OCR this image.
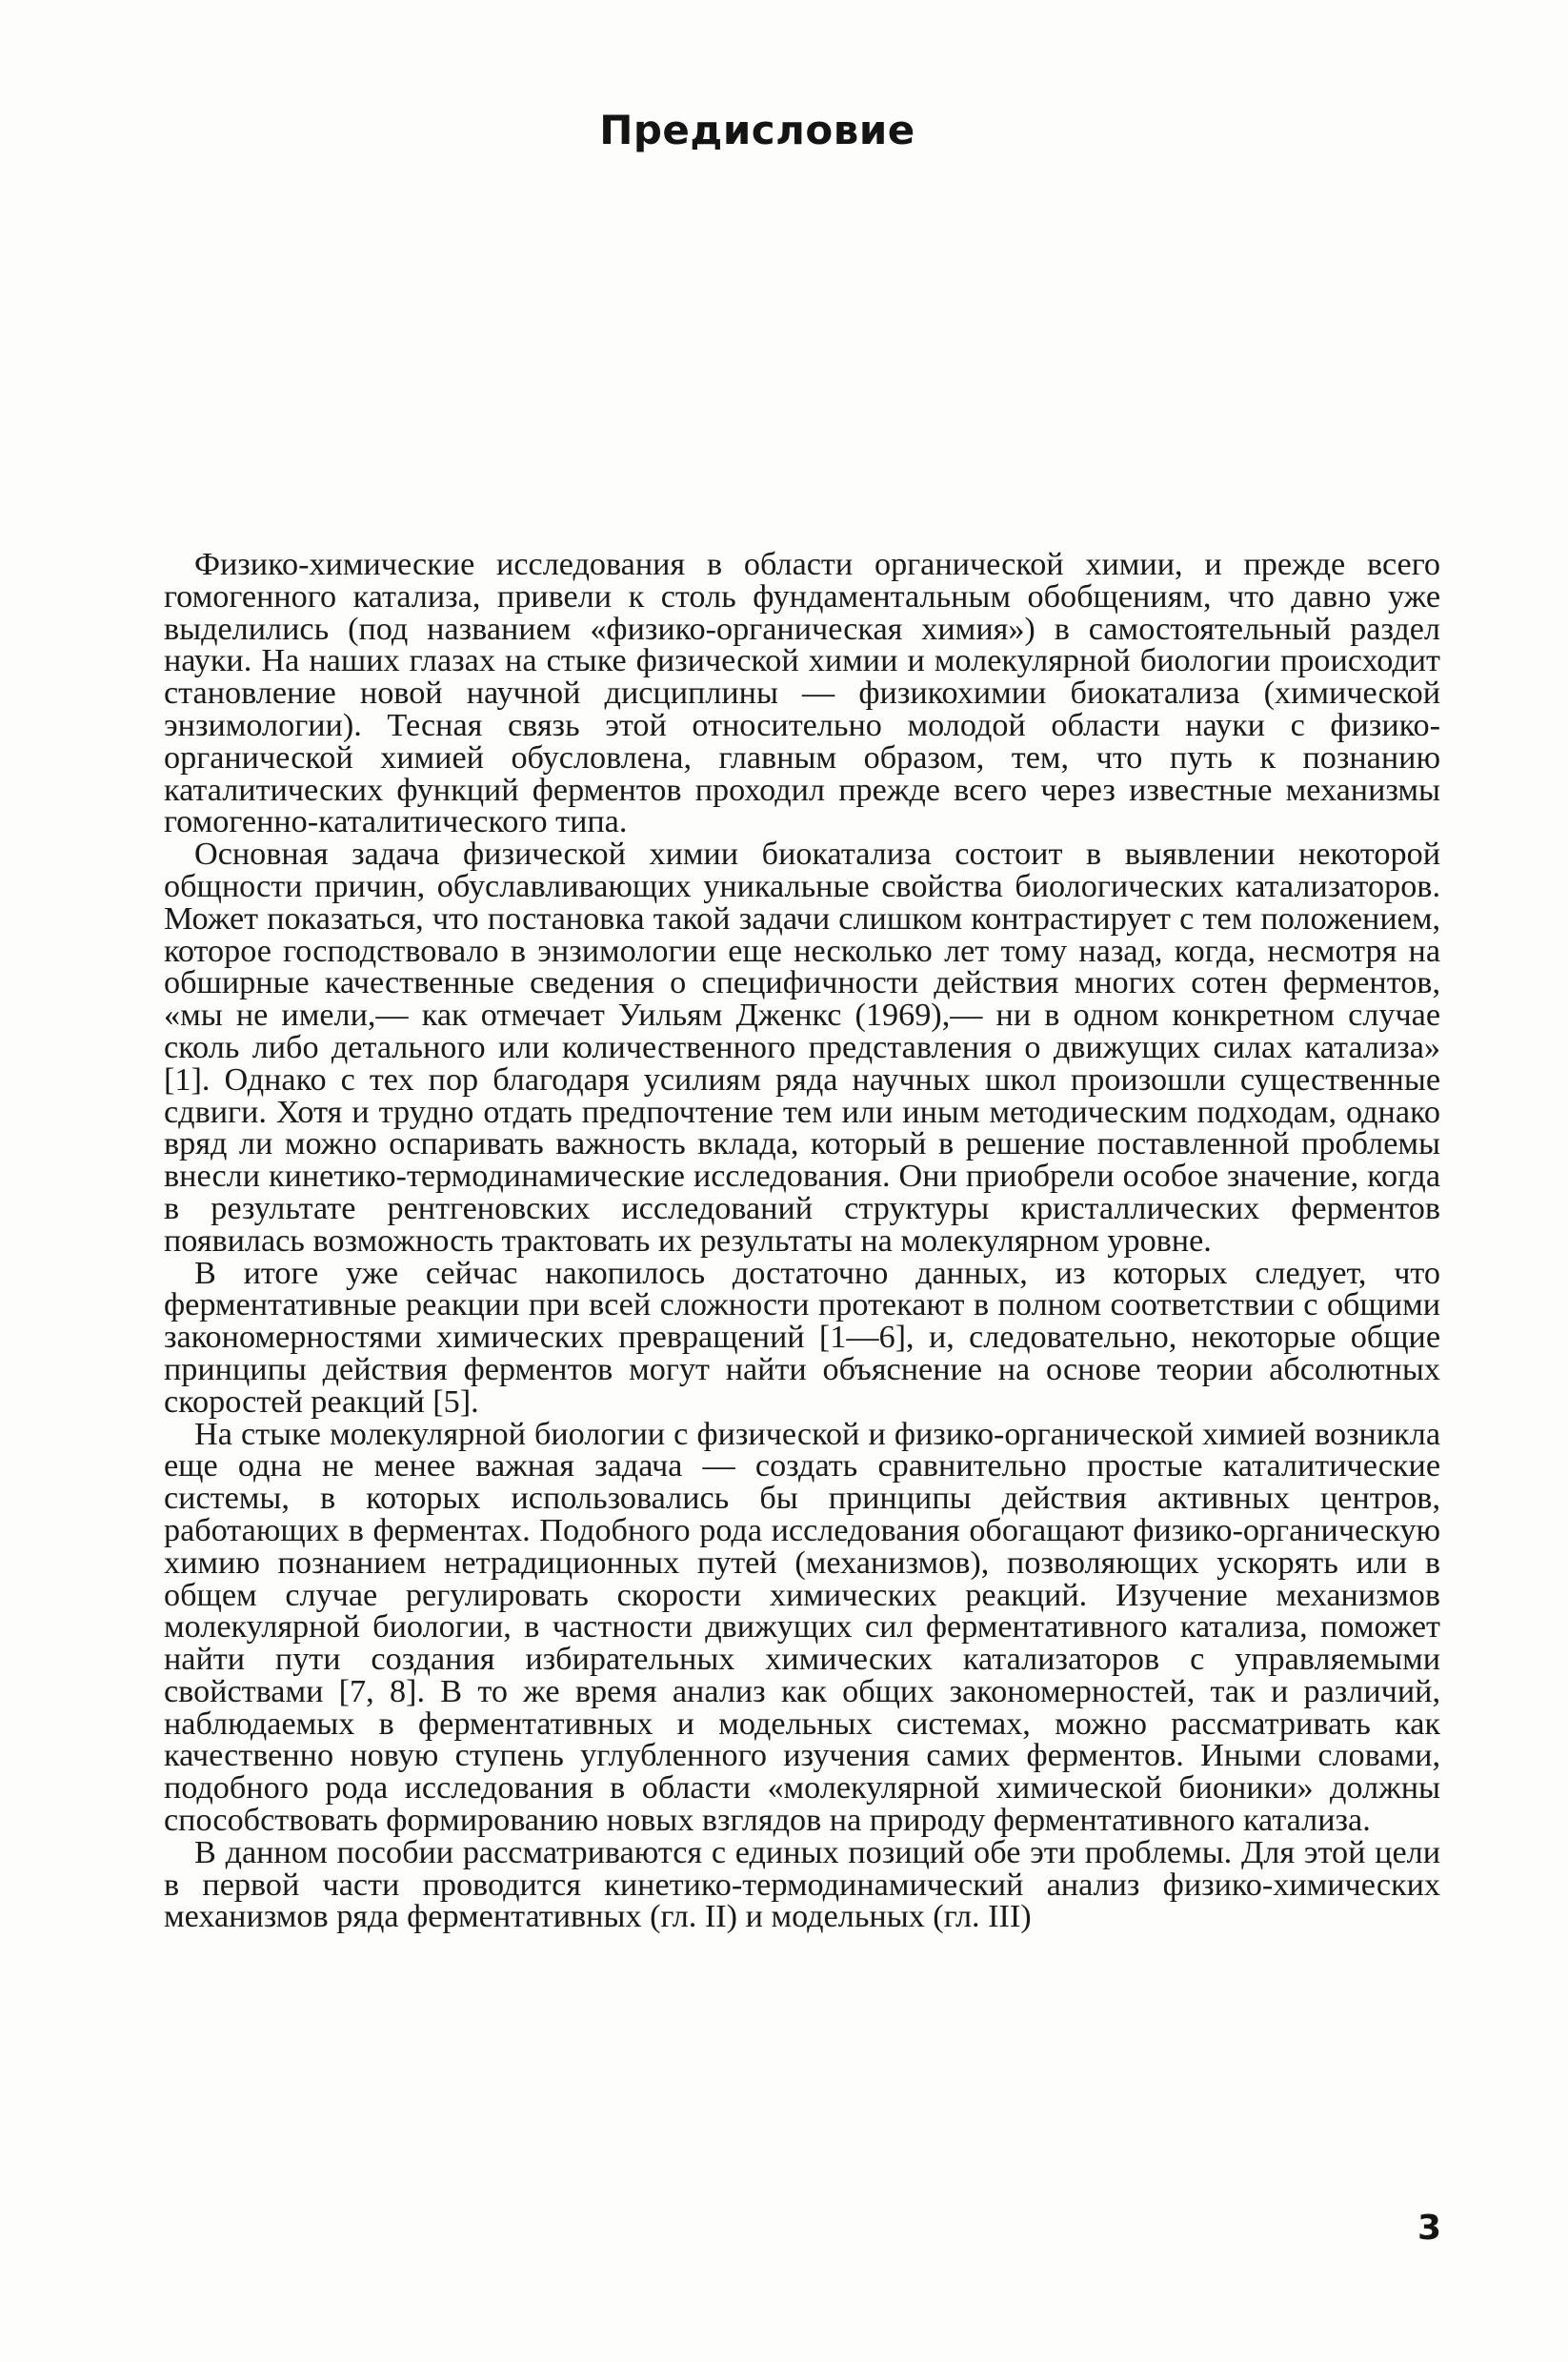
Предисловие

Физико-химические исследования в области органической химии, и прежде всего гомогенного катализа, привели к столь фундаментальным обобщениям, что давно уже выделились (под названием «физико-органическая химия») в самостоятельный раздел науки. На наших глазах на стыке физической химии и молекулярной биологии происходит становление новой научной дисциплины — физикохимии биокатализа (химической энзимологии). Тесная связь этой относительно молодой области науки с физико-органической химией обусловлена, главным образом, тем, что путь к познанию каталитических функций ферментов проходил прежде всего через известные механизмы гомогенно-каталитического типа.

Основная задача физической химии биокатализа состоит в выявлении некоторой общности причин, обуславливающих уникальные свойства биологических катализаторов. Может показаться, что постановка такой задачи слишком контрастирует с тем положением, которое господствовало в энзимологии еще несколько лет тому назад, когда, несмотря на обширные качественные сведения о специфичности действия многих сотен ферментов, «мы не имели,— как отмечает Уильям Дженкс (1969),— ни в одном конкретном случае сколь либо детального или количественного представления о движущих силах катализа» [1]. Однако с тех пор благодаря усилиям ряда научных школ произошли существенные сдвиги. Хотя и трудно отдать предпочтение тем или иным методическим подходам, однако вряд ли можно оспаривать важность вклада, который в решение поставленной проблемы внесли кинетико-термодинамические исследования. Они приобрели особое значение, когда в результате рентгеновских исследований структуры кристаллических ферментов появилась возможность трактовать их результаты на молекулярном уровне.

В итоге уже сейчас накопилось достаточно данных, из которых следует, что ферментативные реакции при всей сложности протекают в полном соответствии с общими закономерностями химических превращений [1—6], и, следовательно, некоторые общие принципы действия ферментов могут найти объяснение на основе теории абсолютных скоростей реакций [5].

На стыке молекулярной биологии с физической и физико-органической химией возникла еще одна не менее важная задача — создать сравнительно простые каталитические системы, в которых использовались бы принципы действия активных центров, работающих в ферментах. Подобного рода исследования обогащают физико-органическую химию познанием нетрадиционных путей (механизмов), позволяющих ускорять или в общем случае регулировать скорости химических реакций. Изучение механизмов молекулярной биологии, в частности движущих сил ферментативного катализа, поможет найти пути создания избирательных химических катализаторов с управляемыми свойствами [7, 8]. В то же время анализ как общих закономерностей, так и различий, наблюдаемых в ферментативных и модельных системах, можно рассматривать как качественно новую ступень углубленного изучения самих ферментов. Иными словами, подобного рода исследования в области «молекулярной химической бионики» должны способствовать формированию новых взглядов на природу ферментативного катализа.

В данном пособии рассматриваются с единых позиций обе эти проблемы. Для этой цели в первой части проводится кинетико-термодинамический анализ физико-химических механизмов ряда ферментативных (гл. II) и модельных (гл. III)

3
